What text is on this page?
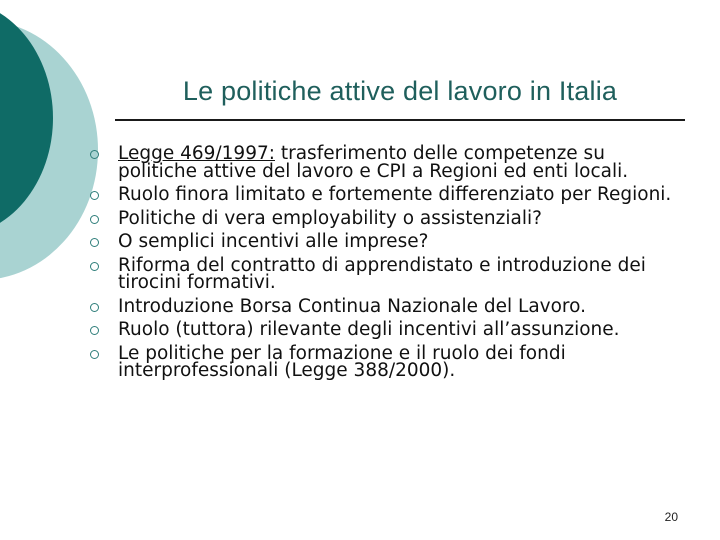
Le politiche attive del lavoro in Italia
Legge 469/1997: trasferimento delle competenze su politiche attive del lavoro e CPI a Regioni ed enti locali.
Ruolo finora limitato e fortemente differenziato per Regioni.
Politiche di vera employability o assistenziali?
O semplici incentivi alle imprese?
Riforma del contratto di apprendistato e introduzione dei tirocini formativi.
Introduzione Borsa Continua Nazionale del Lavoro.
Ruolo (tuttora) rilevante degli incentivi all’assunzione.
Le politiche per la formazione e il ruolo dei fondi interprofessionali (Legge 388/2000).
20
